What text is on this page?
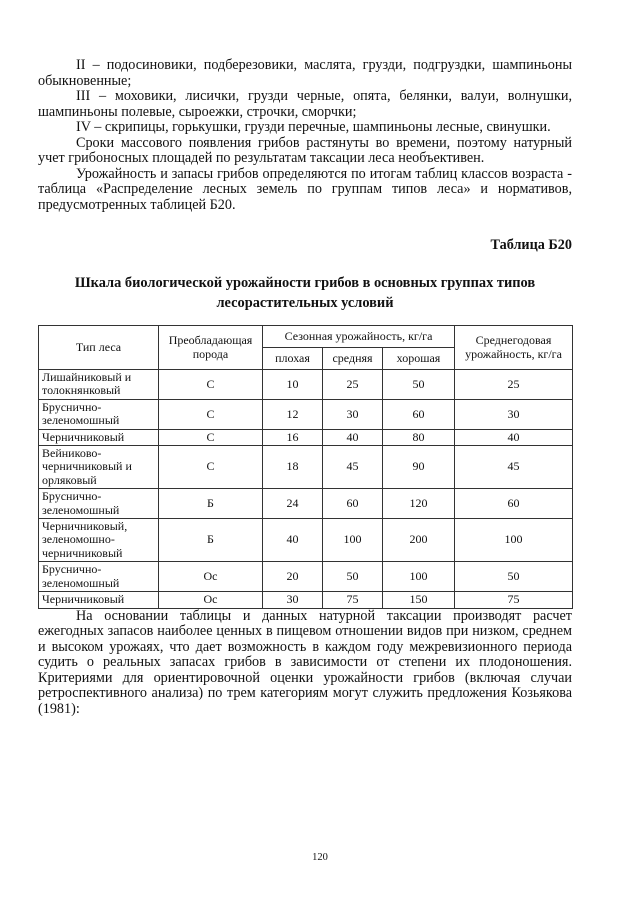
II – подосиновики, подберезовики, маслята, грузди, подгруздки, шампиньоны обыкновенные;

III – моховики, лисички, грузди черные, опята, белянки, валуи, волнушки, шампиньоны полевые, сыроежки, строчки, сморчки;

IV – скрипицы, горькушки, грузди перечные, шампиньоны лесные, свинушки.

Сроки массового появления грибов растянуты во времени, поэтому натурный учет грибоносных площадей по результатам таксации леса необъективен.

Урожайность и запасы грибов определяются по итогам таблиц классов возраста - таблица «Распределение лесных земель по группам типов леса» и нормативов, предусмотренных таблицей Б20.

Таблица Б20
Шкала биологической урожайности грибов в основных группах типов лесорастительных условий
Тип леса	Преобладающая порода	Сезонная урожайность, кг/га			Среднегодовая урожайность, кг/га
		плохая	средняя	хорошая	
Лишайниковый и толокнянковый	С	10	25	50	25
Бруснично-зеленомошный	С	12	30	60	30
Черничниковый	С	16	40	80	40
Вейниково-черничниковый и орляковый	С	18	45	90	45
Бруснично-зеленомошный	Б	24	60	120	60
Черничниковый, зеленомошно-черничниковый	Б	40	100	200	100
Бруснично-зеленомошный	Ос	20	50	100	50
Черничниковый	Ос	30	75	150	75

На основании таблицы и данных натурной таксации производят расчет ежегодных запасов наиболее ценных в пищевом отношении видов при низком, среднем и высоком урожаях, что дает возможность в каждом году межревизионного периода судить о реальных запасах грибов в зависимости от степени их плодоношения. Критериями для ориентировочной оценки урожайности грибов (включая случаи ретроспективного анализа) по трем категориям могут служить предложения Козьякова (1981):

120
